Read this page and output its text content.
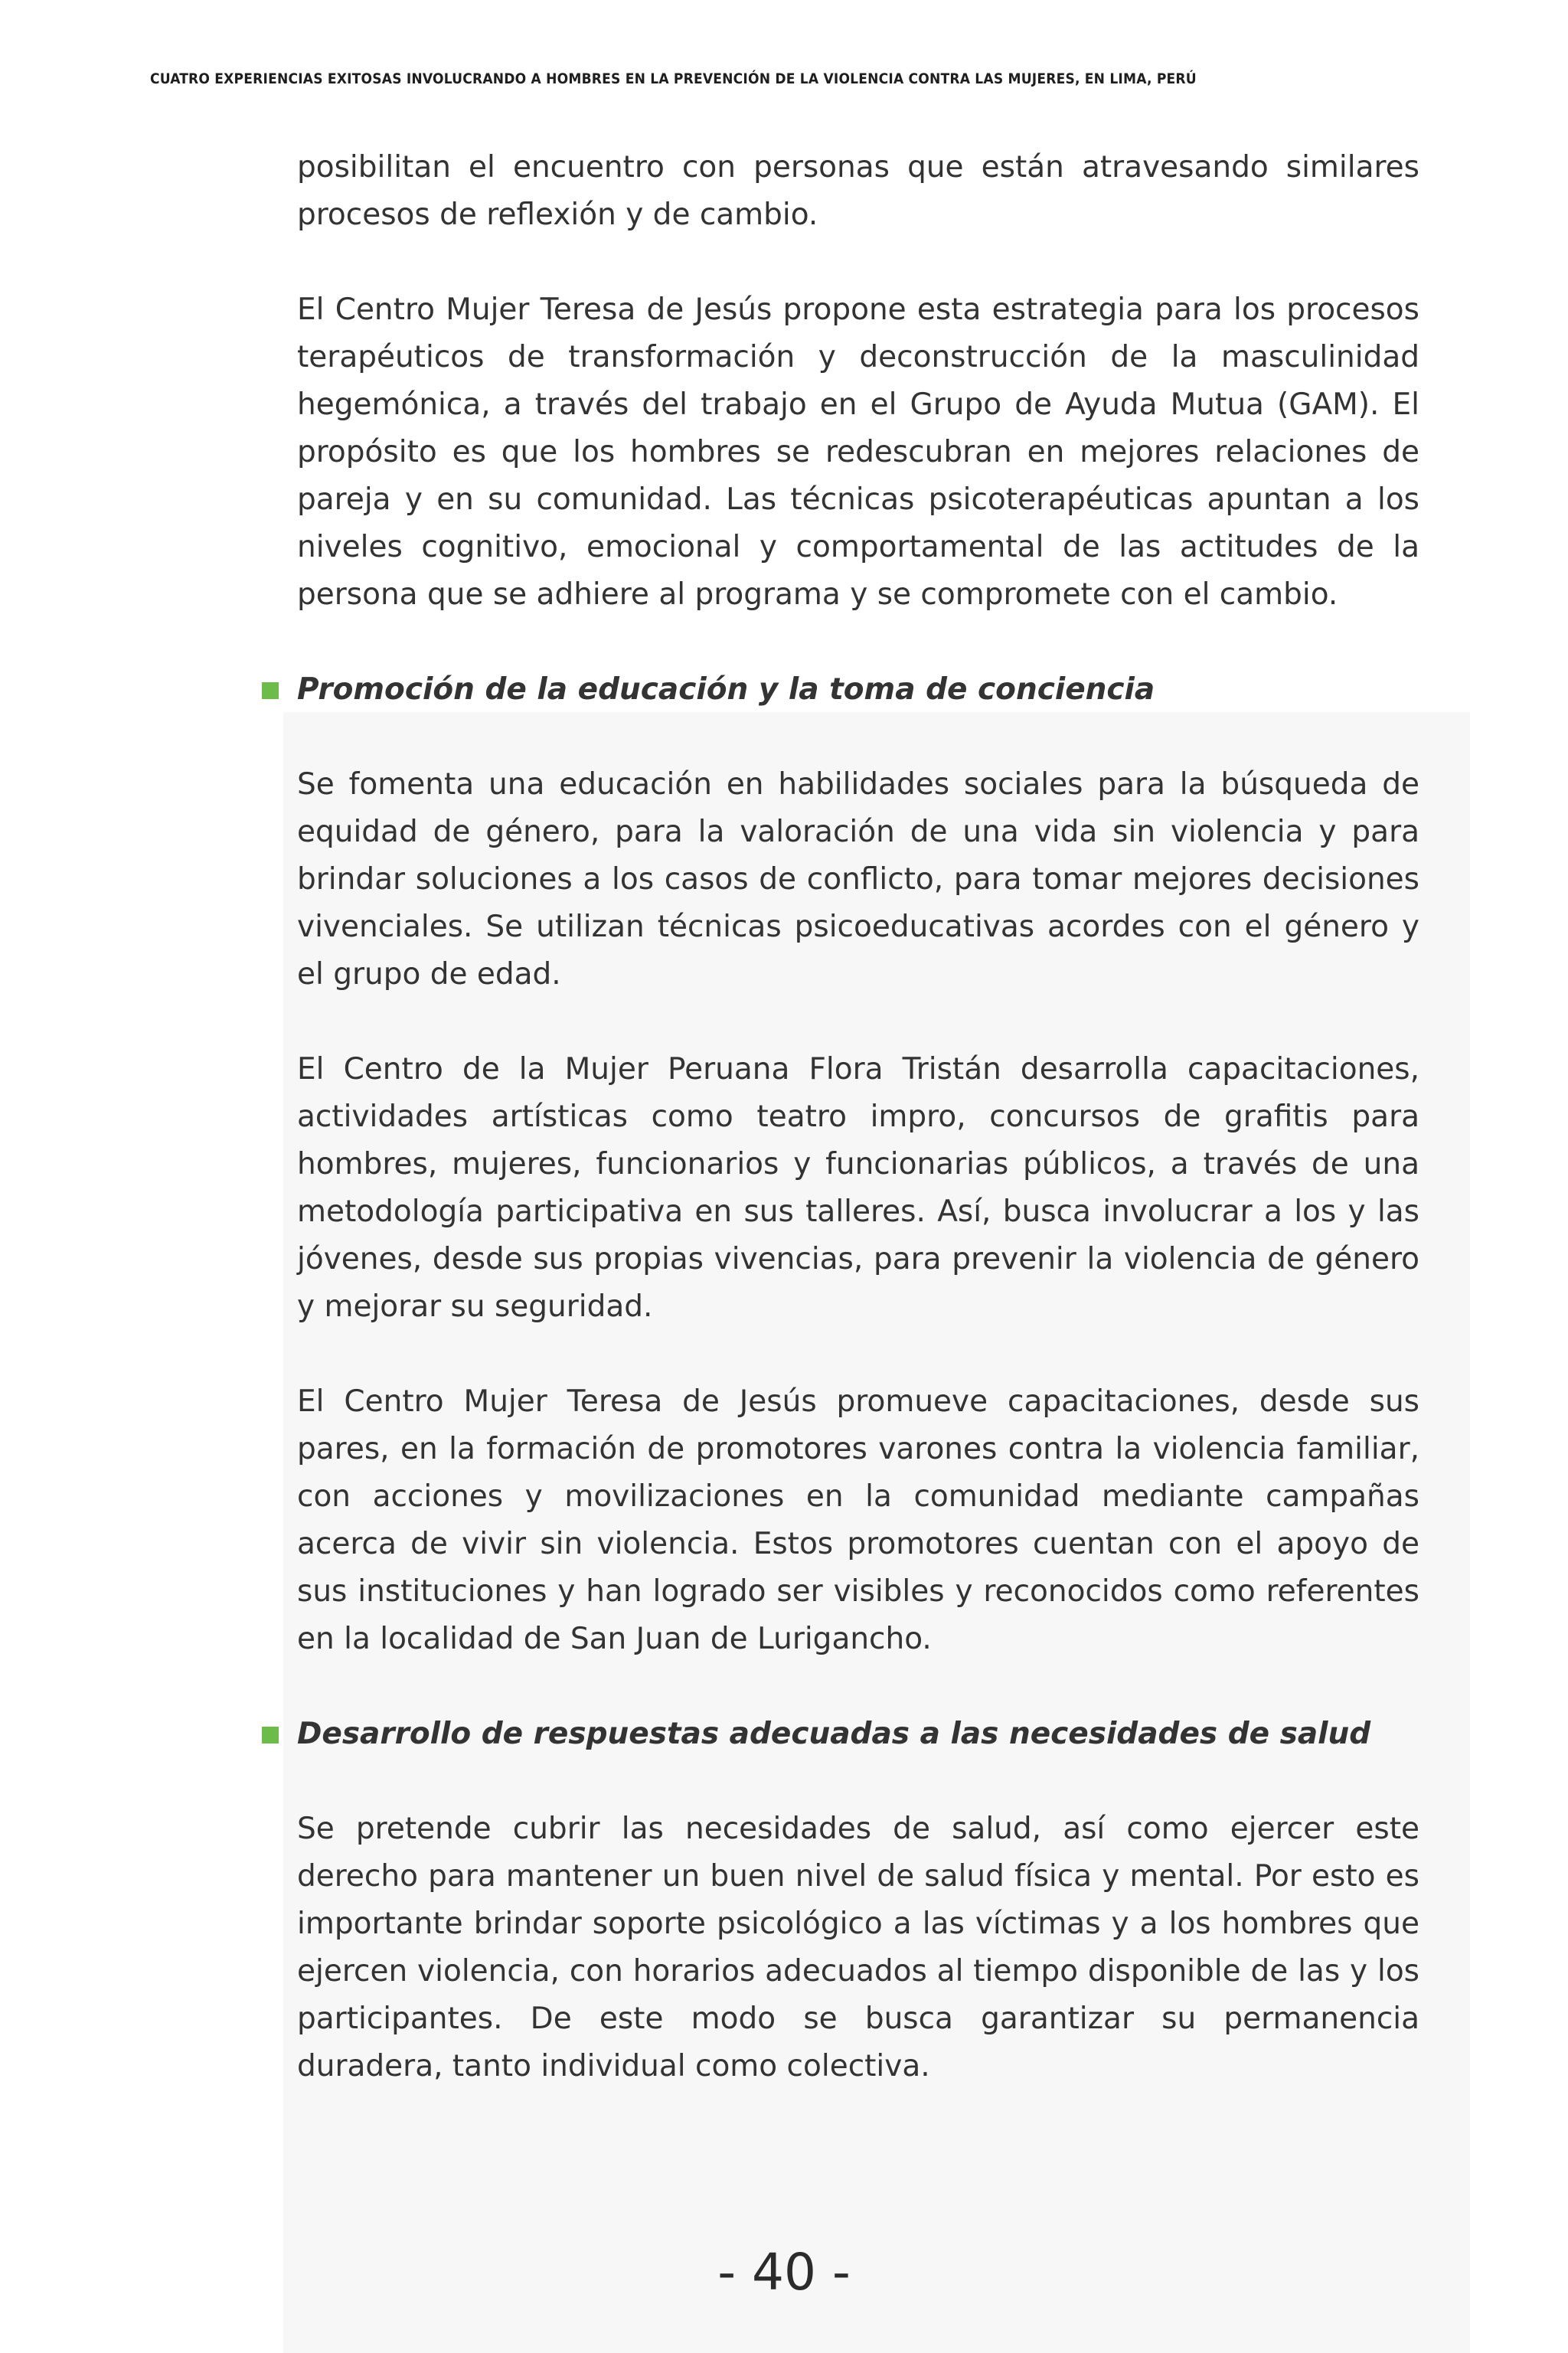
CUATRO EXPERIENCIAS EXITOSAS INVOLUCRANDO A HOMBRES EN LA PREVENCIÓN DE LA VIOLENCIA CONTRA LAS MUJERES, EN LIMA, PERÚ

posibilitan el encuentro con personas que están atravesando similares procesos de reflexión y de cambio.

El Centro Mujer Teresa de Jesús propone esta estrategia para los procesos terapéuticos de transformación y deconstrucción de la masculinidad hegemónica, a través del trabajo en el Grupo de Ayuda Mutua (GAM). El propósito es que los hombres se redescubran en mejores relaciones de pareja y en su comunidad. Las técnicas psicoterapéuticas apuntan a los niveles cognitivo, emocional y comportamental de las actitudes de la persona que se adhiere al programa y se compromete con el cambio.

Promoción de la educación y la toma de conciencia

Se fomenta una educación en habilidades sociales para la búsqueda de equidad de género, para la valoración de una vida sin violencia y para brindar soluciones a los casos de conflicto, para tomar mejores decisiones vivenciales. Se utilizan técnicas psicoeducativas acordes con el género y el grupo de edad.

El Centro de la Mujer Peruana Flora Tristán desarrolla capacitaciones, actividades artísticas como teatro impro, concursos de grafitis para hombres, mujeres, funcionarios y funcionarias públicos, a través de una metodología participativa en sus talleres. Así, busca involucrar a los y las jóvenes, desde sus propias vivencias, para prevenir la violencia de género y mejorar su seguridad.

El Centro Mujer Teresa de Jesús promueve capacitaciones, desde sus pares, en la formación de promotores varones contra la violencia familiar, con acciones y movilizaciones en la comunidad mediante campañas acerca de vivir sin violencia. Estos promotores cuentan con el apoyo de sus instituciones y han logrado ser visibles y reconocidos como referentes en la localidad de San Juan de Lurigancho.

Desarrollo de respuestas adecuadas a las necesidades de salud

Se pretende cubrir las necesidades de salud, así como ejercer este derecho para mantener un buen nivel de salud física y mental. Por esto es importante brindar soporte psicológico a las víctimas y a los hombres que ejercen violencia, con horarios adecuados al tiempo disponible de las y los participantes. De este modo se busca garantizar su permanencia duradera, tanto individual como colectiva.

- 40 -
